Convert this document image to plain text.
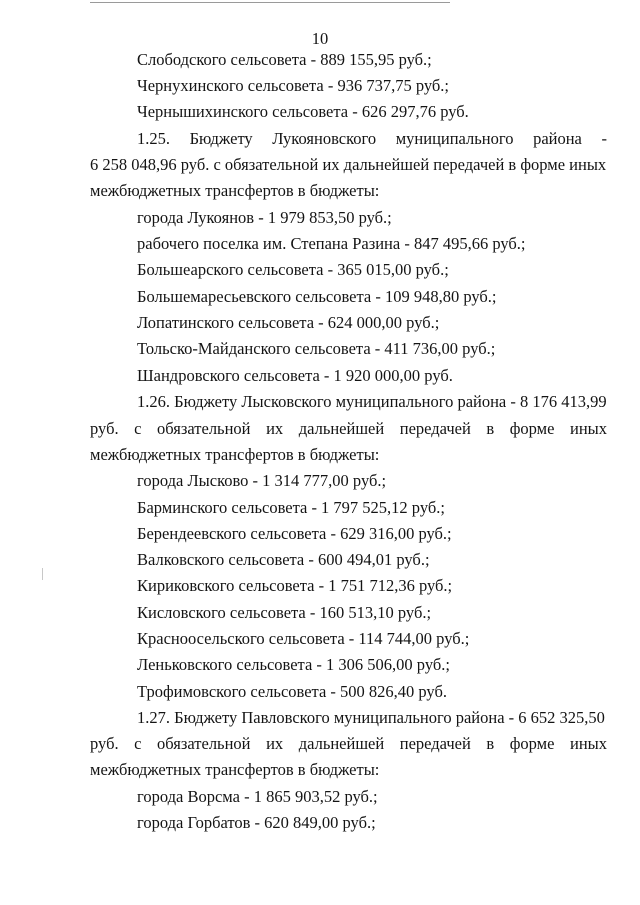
10
Слободского сельсовета - 889 155,95 руб.;
Чернухинского сельсовета - 936 737,75 руб.;
Чернышихинского сельсовета - 626 297,76 руб.
1.25. Бюджету Лукояновского муниципального района -
6 258 048,96 руб. с обязательной их дальнейшей передачей в форме иных
межбюджетных трансфертов в бюджеты:
города Лукоянов - 1 979 853,50 руб.;
рабочего поселка им. Степана Разина - 847 495,66 руб.;
Большеарского сельсовета - 365 015,00 руб.;
Большемаресьевского сельсовета - 109 948,80 руб.;
Лопатинского сельсовета - 624 000,00 руб.;
Тольско-Майданского сельсовета - 411 736,00 руб.;
Шандровского сельсовета - 1 920 000,00 руб.
1.26. Бюджету Лысковского муниципального района - 8 176 413,99
руб. с обязательной их дальнейшей передачей в форме иных
межбюджетных трансфертов в бюджеты:
города Лысково - 1 314 777,00 руб.;
Барминского сельсовета - 1 797 525,12 руб.;
Берендеевского сельсовета - 629 316,00 руб.;
Валковского сельсовета - 600 494,01 руб.;
Кириковского сельсовета - 1 751 712,36 руб.;
Кисловского сельсовета - 160 513,10 руб.;
Красноосельского сельсовета - 114 744,00 руб.;
Леньковского сельсовета - 1 306 506,00 руб.;
Трофимовского сельсовета - 500 826,40 руб.
1.27. Бюджету Павловского муниципального района - 6 652 325,50
руб. с обязательной их дальнейшей передачей в форме иных
межбюджетных трансфертов в бюджеты:
города Ворсма - 1 865 903,52 руб.;
города Горбатов - 620 849,00 руб.;
